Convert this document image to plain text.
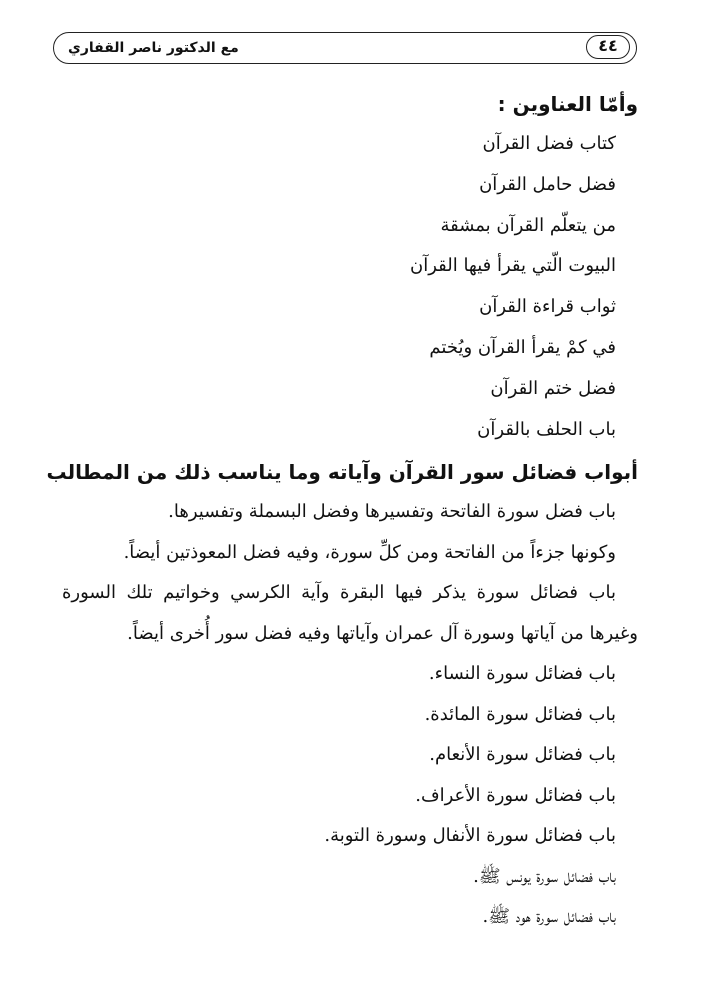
٤٤
مع الدكتور ناصر القفاري
وأمّا العناوين :
كتاب فضل القرآن
فضل حامل القرآن
من يتعلّم القرآن بمشقة
البيوت الّتي يقرأ فيها القرآن
ثواب قراءة القرآن
في كمْ يقرأ القرآن ويُختم
فضل ختم القرآن
باب الحلف بالقرآن
أبواب فضائل سور القرآن وآياته وما يناسب ذلك من المطالب

باب فضل سورة الفاتحة وتفسيرها وفضل البسملة وتفسيرها.

وكونها جزءاً من الفاتحة ومن كلِّ سورة، وفيه فضل المعوذتين أيضاً.

باب فضائل سورة يذكر فيها البقرة وآية الكرسي وخواتيم تلك السورة وغيرها من آياتها وسورة آل عمران وآياتها وفيه فضل سور أُخرى أيضاً.

باب فضائل سورة النساء.
باب فضائل سورة المائدة.
باب فضائل سورة الأنعام.
باب فضائل سورة الأعراف.
باب فضائل سورة الأنفال وسورة التوبة.
باب فضائل سورة يونس ﷺ.
باب فضائل سورة هود ﷺ.
